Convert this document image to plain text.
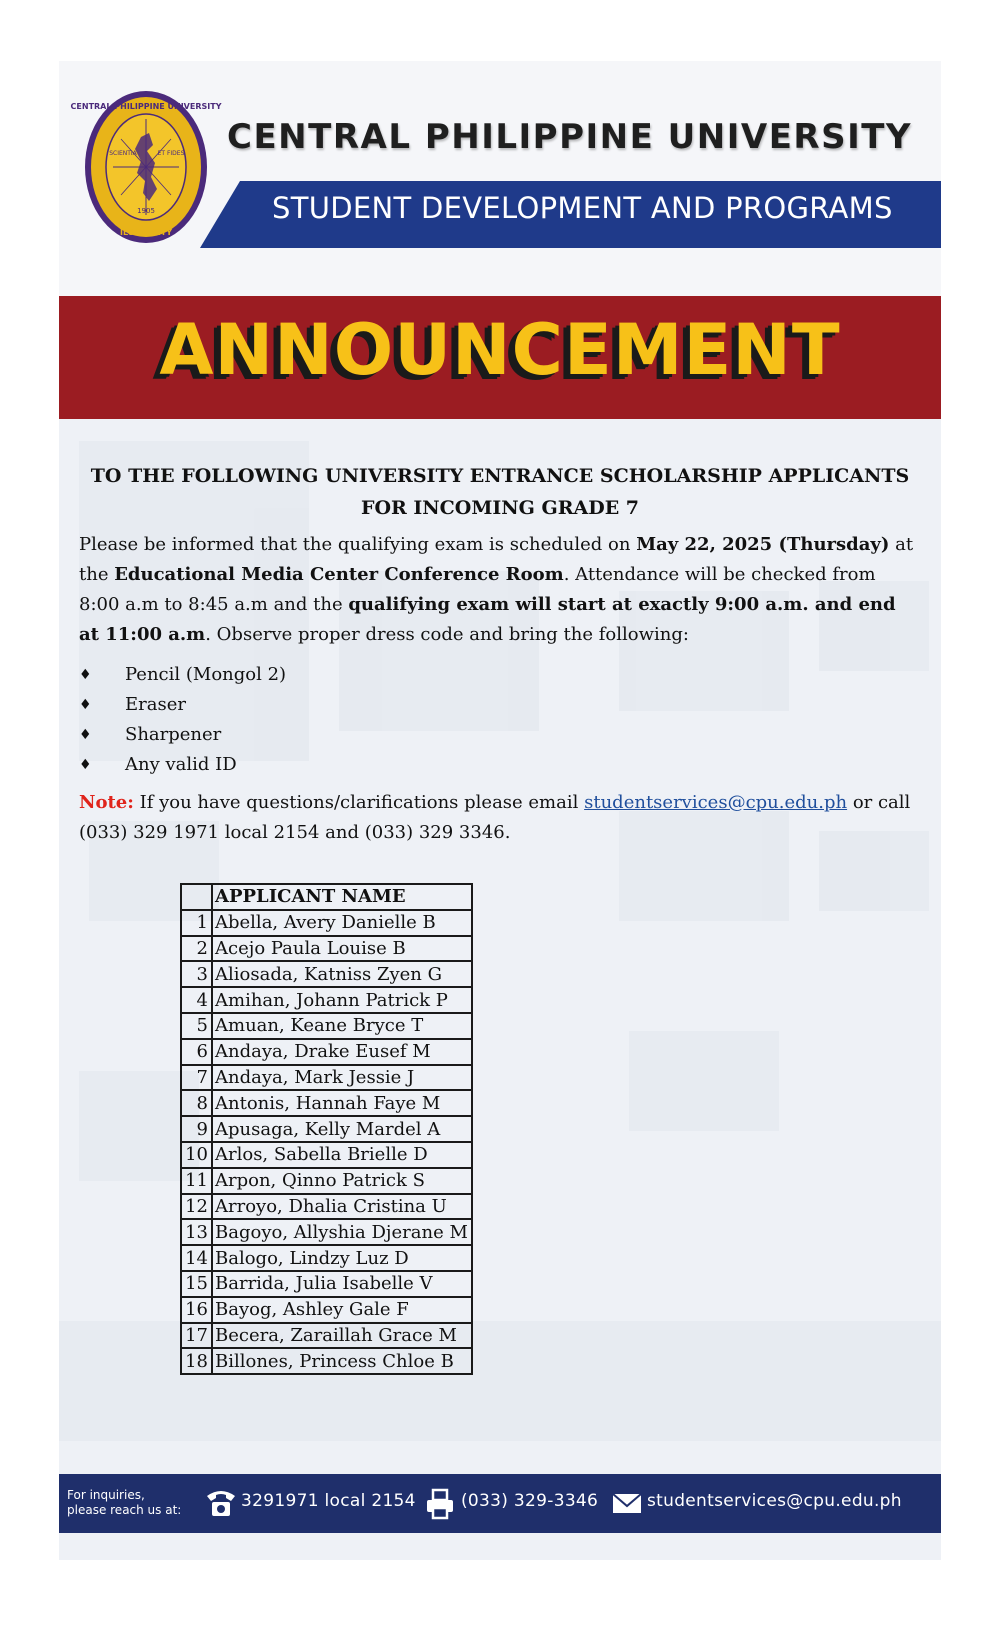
CENTRAL PHILIPPINE UNIVERSITY
SCIENTIA	ET FIDES
1905
ILOILO CITY
CENTRAL PHILIPPINE UNIVERSITY
STUDENT DEVELOPMENT AND PROGRAMS
ANNOUNCEMENT

TO THE FOLLOWING UNIVERSITY ENTRANCE SCHOLARSHIP APPLICANTS FOR INCOMING GRADE 7

Please be informed that the qualifying exam is scheduled on May 22, 2025 (Thursday) at the Educational Media Center Conference Room. Attendance will be checked from 8:00 a.m to 8:45 a.m and the qualifying exam will start at exactly 9:00 a.m. and end at 11:00 a.m. Observe proper dress code and bring the following:

♦ Pencil (Mongol 2)
♦ Eraser
♦ Sharpener
♦ Any valid ID

Note: If you have questions/clarifications please email studentservices@cpu.edu.ph or call (033) 329 1971 local 2154 and (033) 329 3346.

	APPLICANT NAME
1	Abella, Avery Danielle B
2	Acejo Paula Louise B
3	Aliosada, Katniss Zyen G
4	Amihan, Johann Patrick P
5	Amuan, Keane Bryce T
6	Andaya, Drake Eusef M
7	Andaya, Mark Jessie J
8	Antonis, Hannah Faye M
9	Apusaga, Kelly Mardel A
10	Arlos, Sabella Brielle D
11	Arpon, Qinno Patrick S
12	Arroyo, Dhalia Cristina U
13	Bagoyo, Allyshia Djerane M
14	Balogo, Lindzy Luz D
15	Barrida, Julia Isabelle V
16	Bayog, Ashley Gale F
17	Becera, Zaraillah Grace M
18	Billones, Princess Chloe B
For inquiries,
please reach us at:	3291971 local 2154	(033) 329-3346	studentservices@cpu.edu.ph
